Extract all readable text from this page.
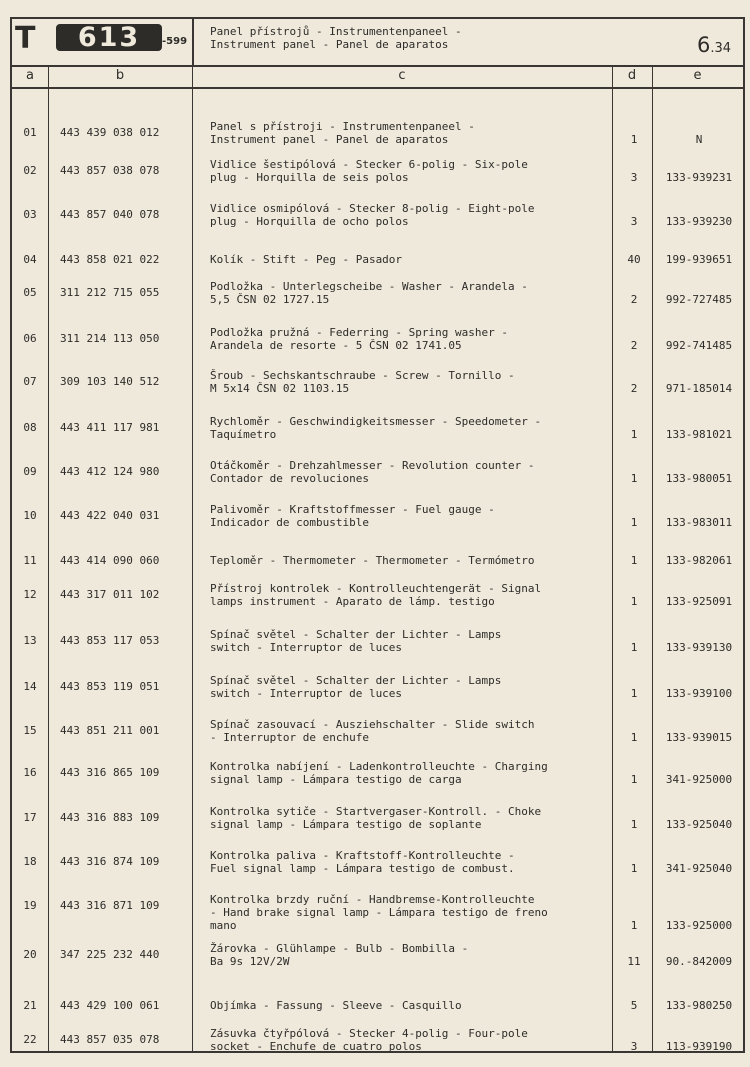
T	613	-599
Panel přístrojů - Instrumentenpaneel -
Instrument panel - Panel de aparatos	6.34
a	b	c	d	e
01	443 439 038 012	Panel s přístroji - Instrumentenpaneel -
Instrument panel - Panel de aparatos	1	N
02	443 857 038 078	Vidlice šestipólová - Stecker 6-polig - Six-pole
plug - Horquilla de seis polos	3	133-939231
03	443 857 040 078	Vidlice osmipólová - Stecker 8-polig - Eight-pole
plug - Horquilla de ocho polos	3	133-939230
04	443 858 021 022	Kolík - Stift - Peg - Pasador	40	199-939651
05	311 212 715 055	Podložka - Unterlegscheibe - Washer - Arandela -
5,5 ČSN 02 1727.15	2	992-727485
06	311 214 113 050	Podložka pružná - Federring - Spring washer -
Arandela de resorte - 5 ČSN 02 1741.05	2	992-741485
07	309 103 140 512	Šroub - Sechskantschraube - Screw - Tornillo -
M 5x14 ČSN 02 1103.15	2	971-185014
08	443 411 117 981	Rychloměr - Geschwindigkeitsmesser - Speedometer -
Taquímetro	1	133-981021
09	443 412 124 980	Otáčkoměr - Drehzahlmesser - Revolution counter -
Contador de revoluciones	1	133-980051
10	443 422 040 031	Palivoměr - Kraftstoffmesser - Fuel gauge -
Indicador de combustible	1	133-983011
11	443 414 090 060	Teploměr - Thermometer - Thermometer - Termómetro	1	133-982061
12	443 317 011 102	Přístroj kontrolek - Kontrolleuchtengerät - Signal
lamps instrument - Aparato de lámp. testigo	1	133-925091
13	443 853 117 053	Spínač světel - Schalter der Lichter - Lamps
switch - Interruptor de luces	1	133-939130
14	443 853 119 051	Spínač světel - Schalter der Lichter - Lamps
switch - Interruptor de luces	1	133-939100
15	443 851 211 001	Spínač zasouvací - Ausziehschalter - Slide switch
- Interruptor de enchufe	1	133-939015
16	443 316 865 109	Kontrolka nabíjení - Ladenkontrolleuchte - Charging
signal lamp - Lámpara testigo de carga	1	341-925000
17	443 316 883 109	Kontrolka sytiče - Startvergaser-Kontroll. - Choke
signal lamp - Lámpara testigo de soplante	1	133-925040
18	443 316 874 109	Kontrolka paliva - Kraftstoff-Kontrolleuchte -
Fuel signal lamp - Lámpara testigo de combust.	1	341-925040
19	443 316 871 109	Kontrolka brzdy ruční - Handbremse-Kontrolleuchte
- Hand brake signal lamp - Lámpara testigo de freno
mano	1	133-925000
20	347 225 232 440	Žárovka - Glühlampe - Bulb - Bombilla -
Ba 9s 12V/2W	11	90.-842009
21	443 429 100 061	Objímka - Fassung - Sleeve - Casquillo	5	133-980250
22	443 857 035 078	Zásuvka čtyřpólová - Stecker 4-polig - Four-pole
socket - Enchufe de cuatro polos	3	113-939190
